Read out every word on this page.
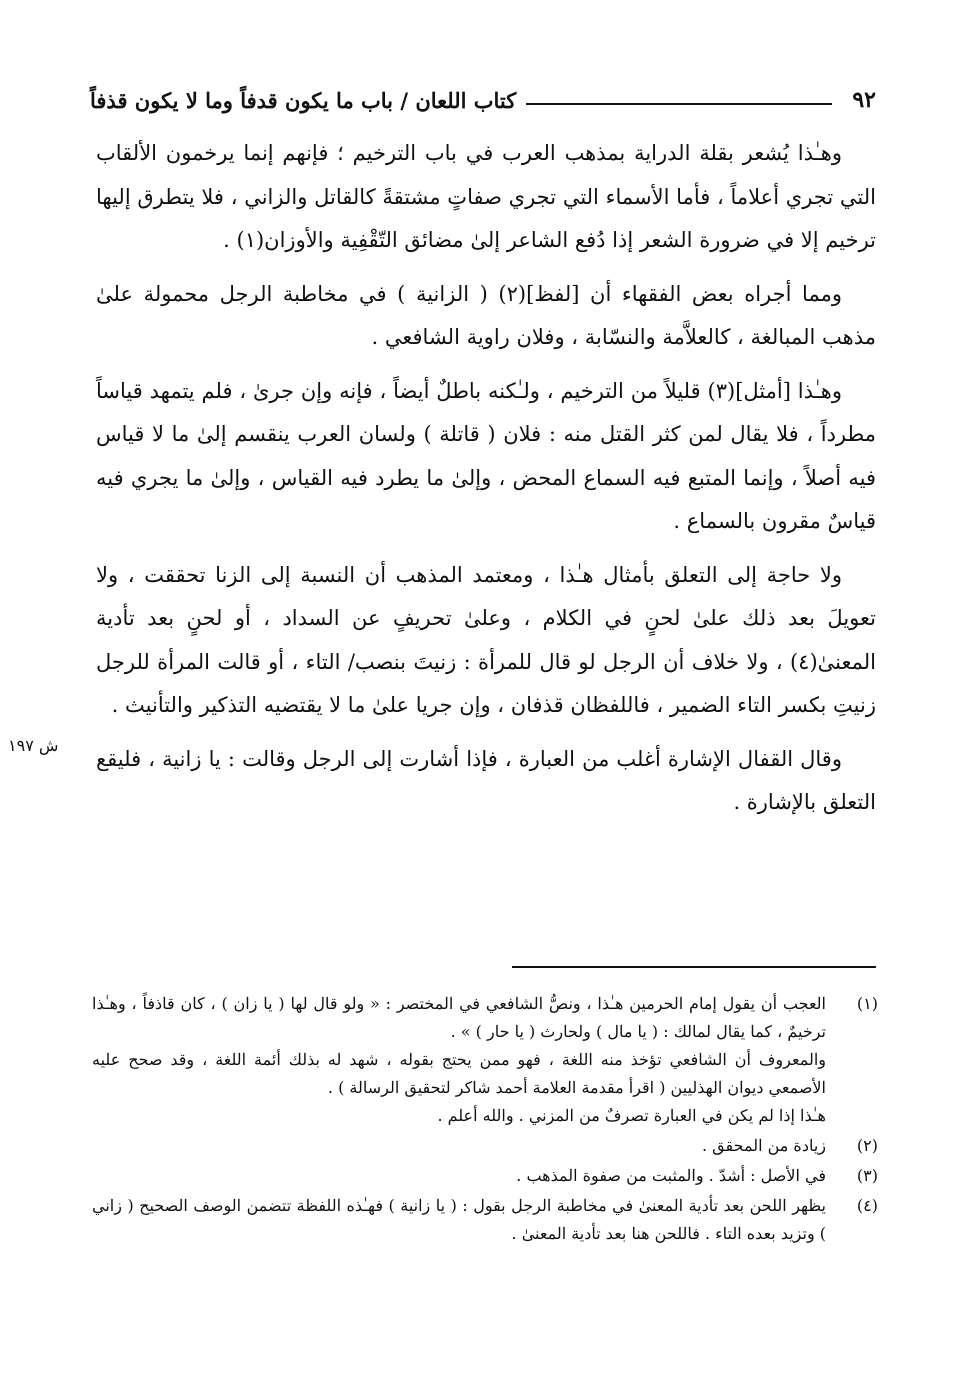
٩٢
كتاب اللعان / باب ما يكون قدفاً وما لا يكون قذفاً
ش ١٩٧

وهـٰذا يُشعر بقلة الدراية بمذهب العرب في باب الترخيم ؛ فإنهم إنما يرخمون الألقاب التي تجري أعلاماً ، فأما الأسماء التي تجري صفاتٍ مشتقةً كالقاتل والزاني ، فلا يتطرق إليها ترخيم إلا في ضرورة الشعر إذا دُفع الشاعر إلىٰ مضائق التّقْفِية والأوزان(١) .

ومما أجراه بعض الفقهاء أن [لفظ](٢) ( الزانية ) في مخاطبة الرجل محمولة علىٰ مذهب المبالغة ، كالعلاَّمة والنسّابة ، وفلان راوية الشافعي .

وهـٰذا [أمثل](٣) قليلاً من الترخيم ، ولـٰكنه باطلٌ أيضاً ، فإنه وإن جرىٰ ، فلم يتمهد قياساً مطرداً ، فلا يقال لمن كثر القتل منه : فلان ( قاتلة ) ولسان العرب ينقسم إلىٰ ما لا قياس فيه أصلاً ، وإنما المتبع فيه السماع المحض ، وإلىٰ ما يطرد فيه القياس ، وإلىٰ ما يجري فيه قياسٌ مقرون بالسماع .

ولا حاجة إلى التعلق بأمثال هـٰذا ، ومعتمد المذهب أن النسبة إلى الزنا تحققت ، ولا تعويلَ بعد ذلك علىٰ لحنٍ في الكلام ، وعلىٰ تحريفٍ عن السداد ، أو لحنٍ بعد تأدية المعنىٰ(٤) ، ولا خلاف أن الرجل لو قال للمرأة : زنيتَ بنصب/ التاء ، أو قالت المرأة للرجل زنيتِ بكسر التاء الضمير ، فاللفظان قذفان ، وإن جريا علىٰ ما لا يقتضيه التذكير والتأنيث .

وقال القفال الإشارة أغلب من العبارة ، فإذا أشارت إلى الرجل وقالت : يا زانية ، فليقع التعلق بالإشارة .

(١)
العجب أن يقول إمام الحرمين هـٰذا ، ونصُّ الشافعي في المختصر : « ولو قال لها ( يا زان ) ، كان قاذفاً ، وهـٰذا ترخيمٌ ، كما يقال لمالك : ( يا مال ) ولحارث ( يا حار ) » .
والمعروف أن الشافعي تؤخذ منه اللغة ، فهو ممن يحتج بقوله ، شهد له بذلك أئمة اللغة ، وقد صحح عليه الأصمعي ديوان الهذليين ( اقرأ مقدمة العلامة أحمد شاكر لتحقيق الرسالة ) .
هـٰذا إذا لم يكن في العبارة تصرفٌ من المزني . والله أعلم .
(٢)
زيادة من المحقق .
(٣)
في الأصل : أشدّ . والمثبت من صفوة المذهب .
(٤)
يظهر اللحن بعد تأدية المعنىٰ في مخاطبة الرجل بقول : ( يا زانية ) فهـٰذه اللفظة تتضمن الوصف الصحيح ( زاني ) وتزيد بعده التاء . فاللحن هنا بعد تأدية المعنىٰ .
